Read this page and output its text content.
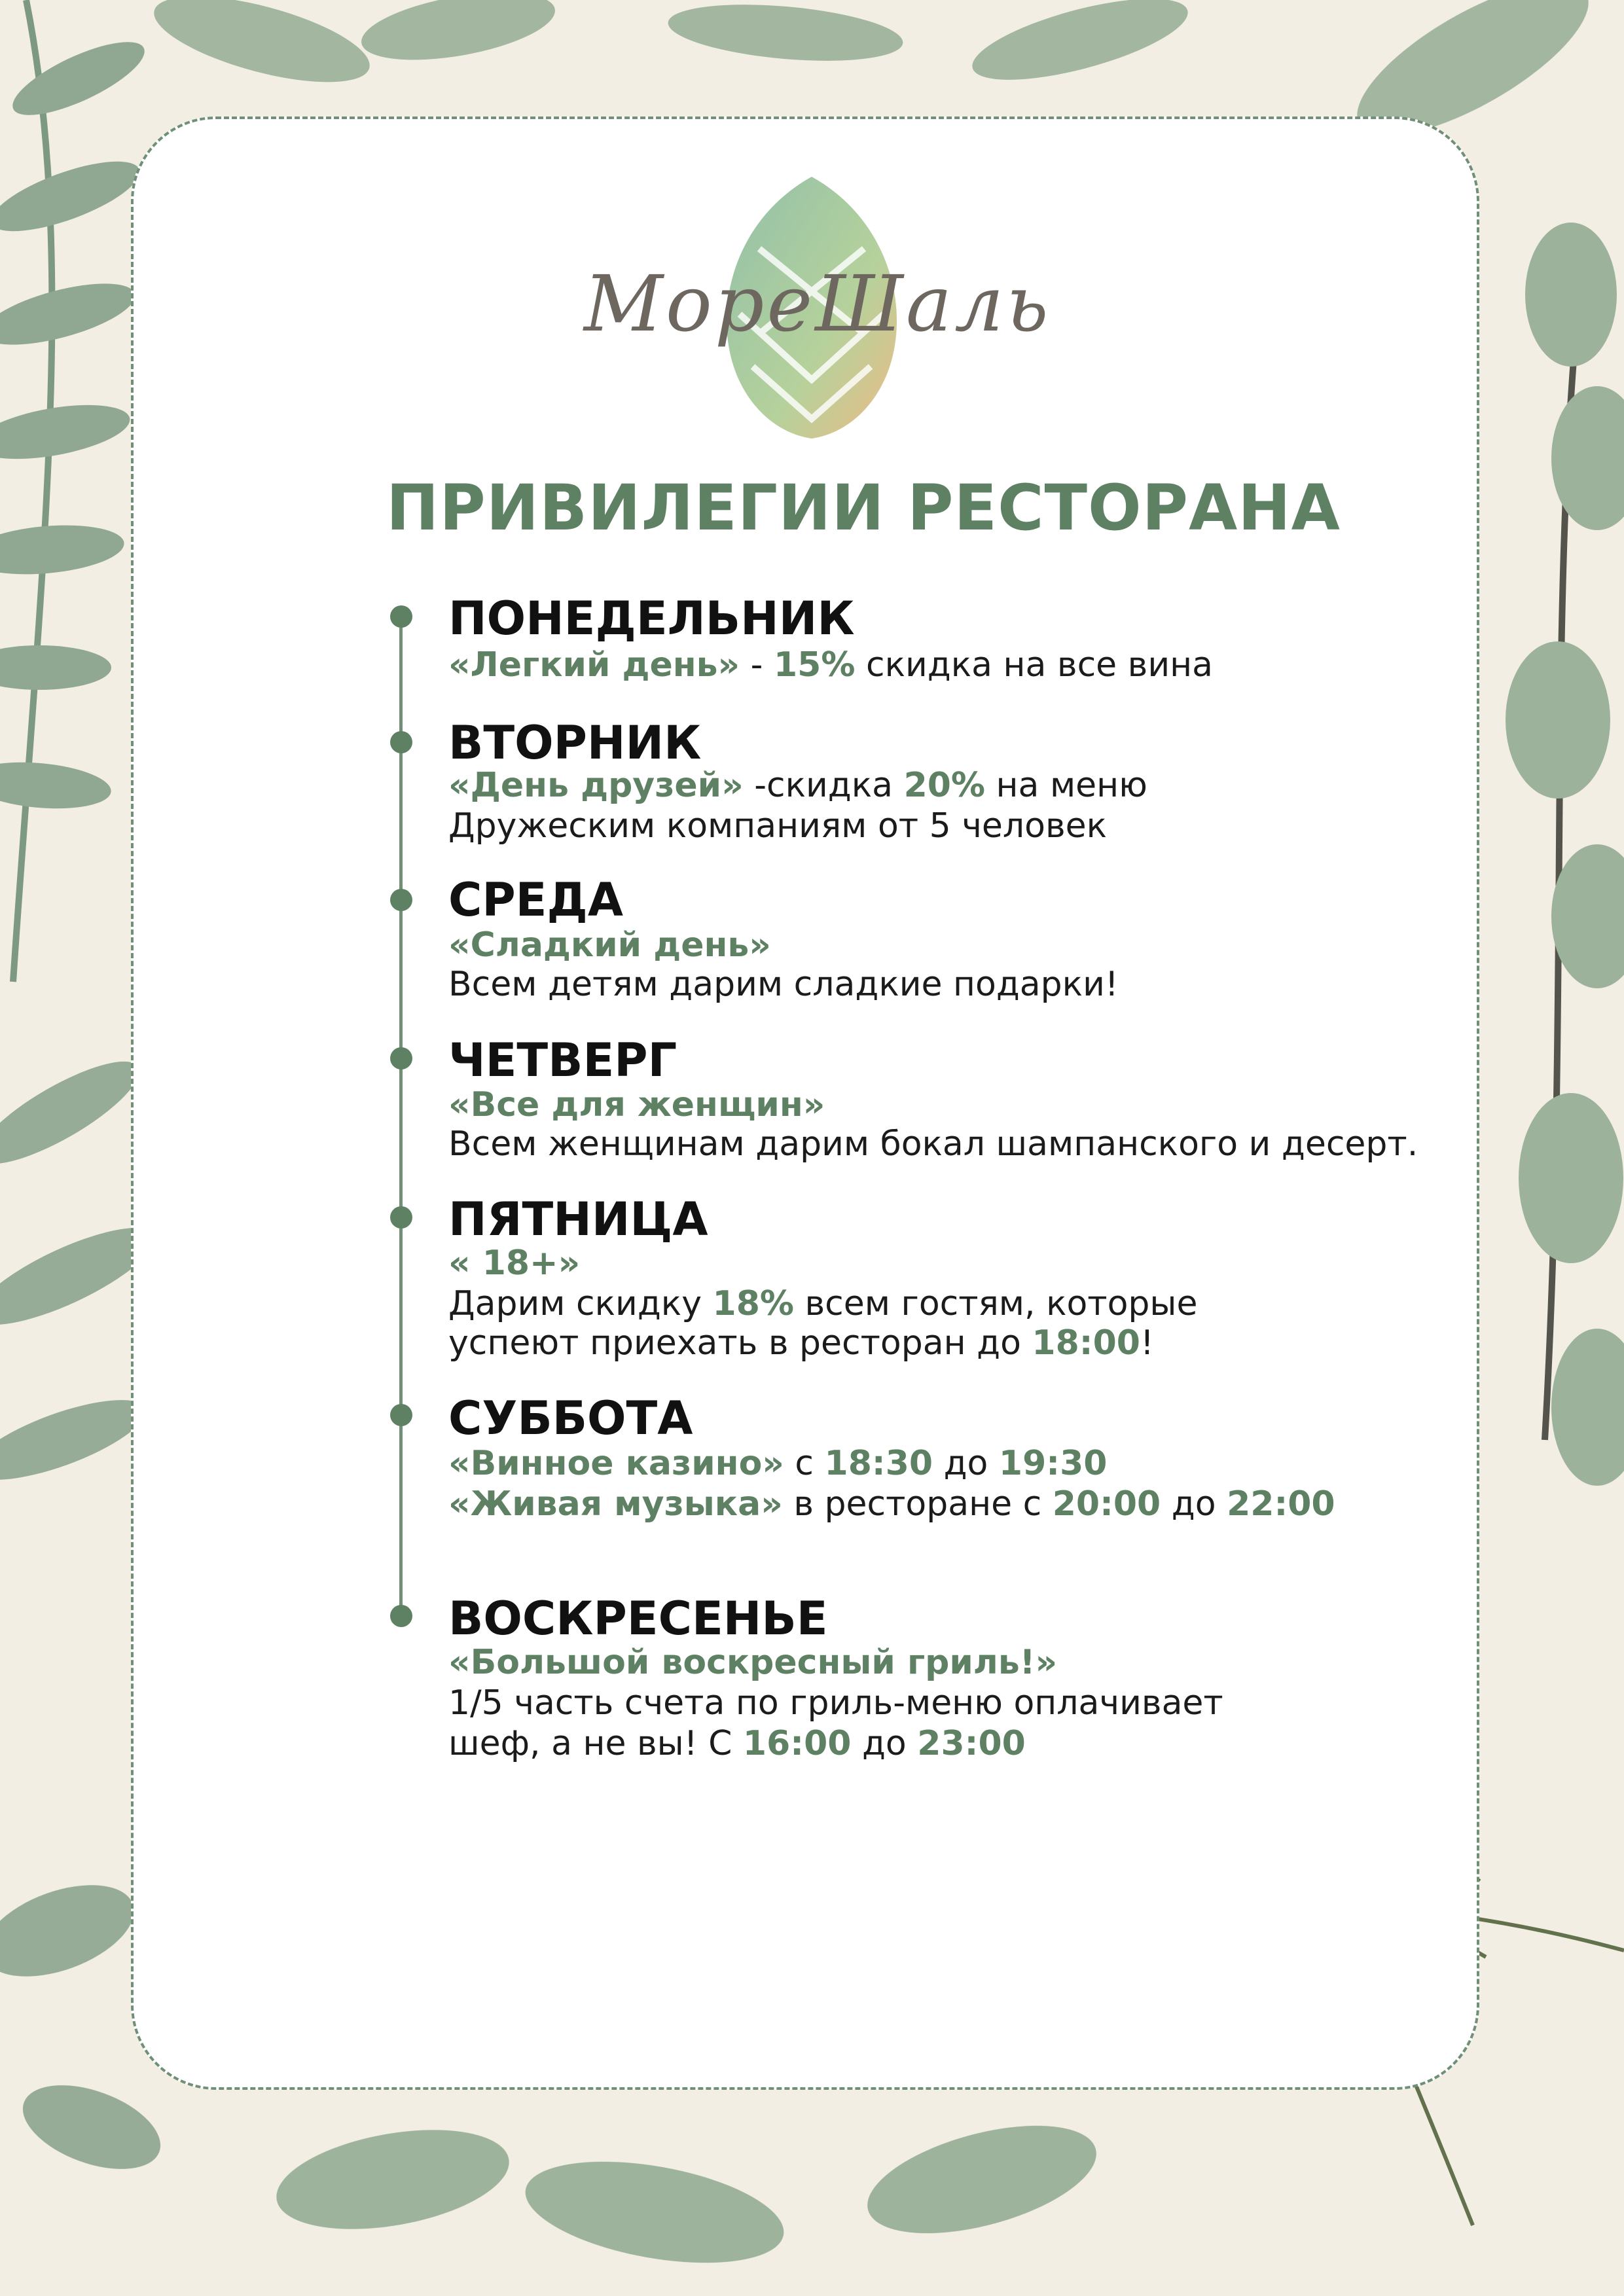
МореШаль
ПРИВИЛЕГИИ РЕСТОРАНА
ПОНЕДЕЛЬНИК
«Легкий день» - 15% скидка на все вина
ВТОРНИК
«День друзей» -скидка 20% на меню
Дружеским компаниям от 5 человек
СРЕДА
«Сладкий день»
Всем детям дарим сладкие подарки!
ЧЕТВЕРГ
«Все для женщин»
Всем женщинам дарим бокал шампанского и десерт.
ПЯТНИЦА
« 18+»
Дарим скидку 18% всем гостям, которые
успеют приехать в ресторан до 18:00!
СУББОТА
«Винное казино» с 18:30 до 19:30
«Живая музыка» в ресторане с 20:00 до 22:00
ВОСКРЕСЕНЬЕ
«Большой воскресный гриль!»
1/5 часть счета по гриль-меню оплачивает
шеф, а не вы! С 16:00 до 23:00
